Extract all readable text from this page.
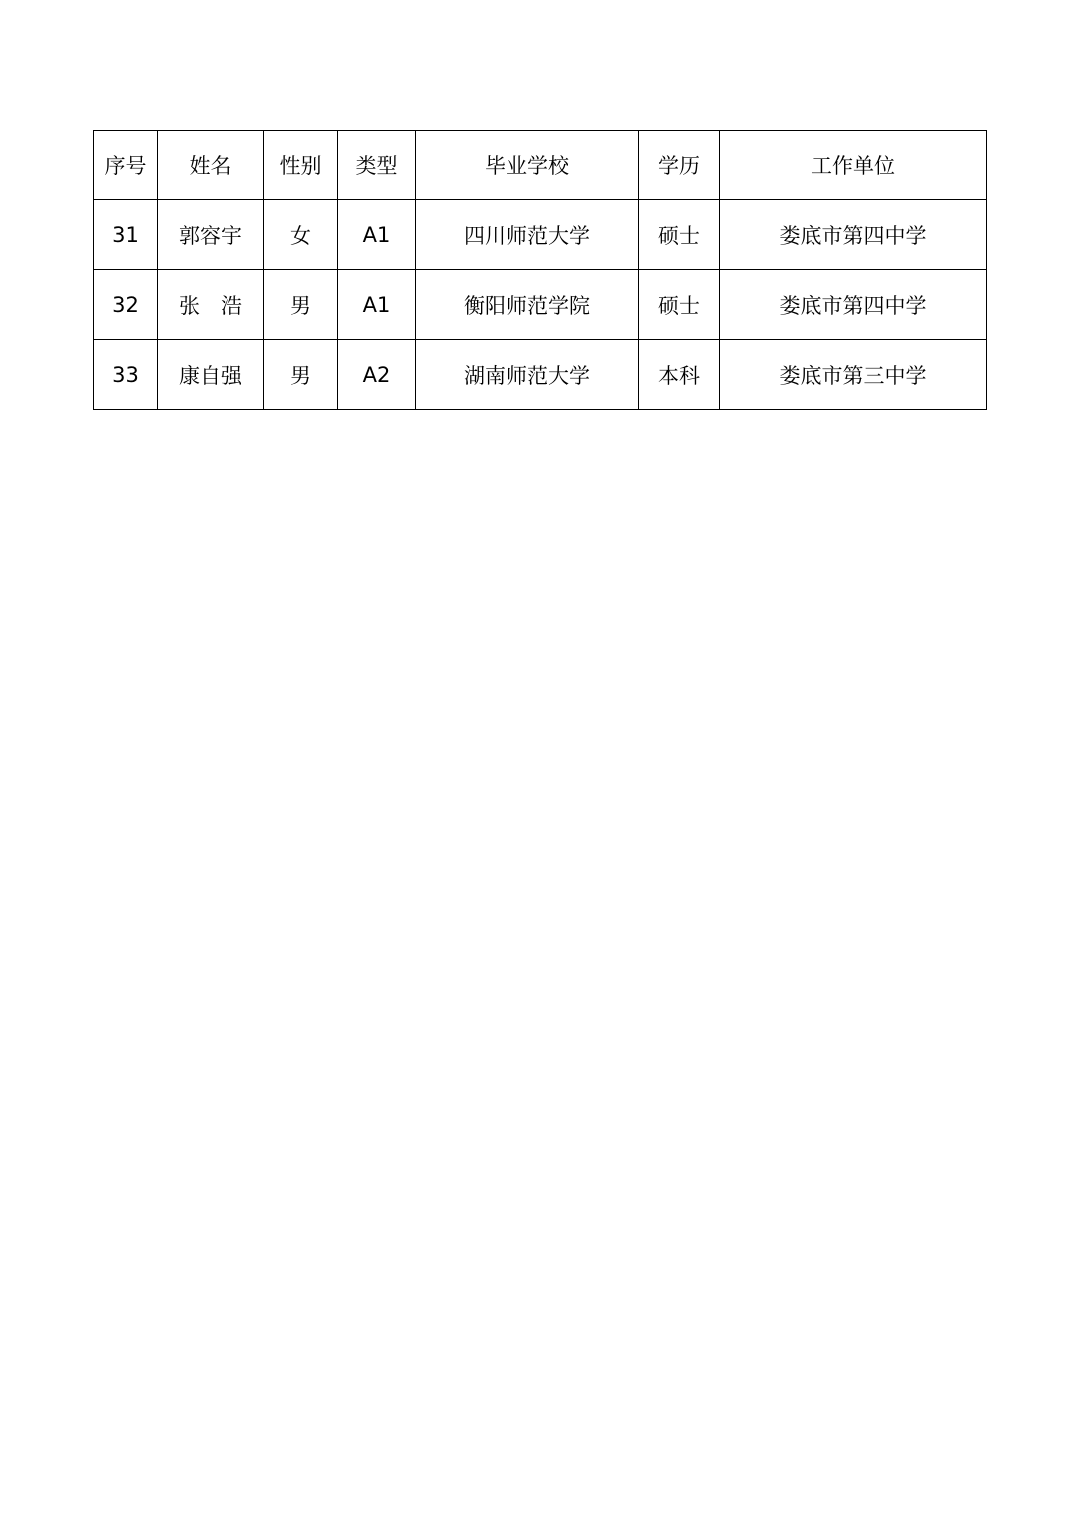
序号	姓名	性别	类型	毕业学校	学历	工作单位
31	郭容宇	女	A1	四川师范大学	硕士	娄底市第四中学
32	张　浩	男	A1	衡阳师范学院	硕士	娄底市第四中学
33	康自强	男	A2	湖南师范大学	本科	娄底市第三中学
